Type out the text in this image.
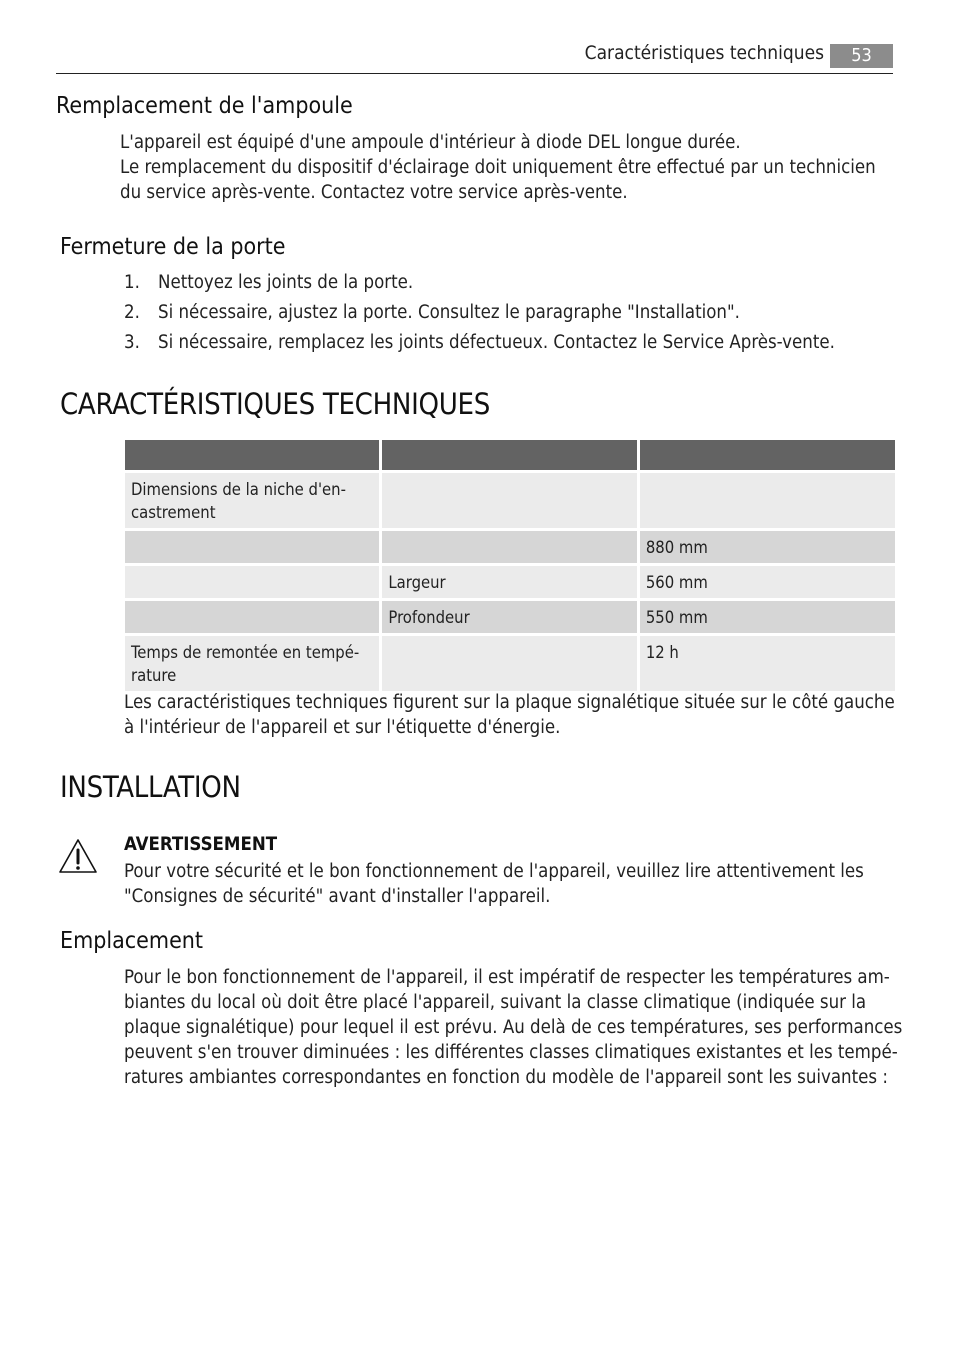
Caractéristiques techniques	53
Remplacement de l'ampoule
L'appareil est équipé d'une ampoule d'intérieur à diode DEL longue durée.
Le remplacement du dispositif d'éclairage doit uniquement être effectué par un technicien
du service après-vente. Contactez votre service après-vente.
Fermeture de la porte
1. Nettoyez les joints de la porte.
2. Si nécessaire, ajustez la porte. Consultez le paragraphe "Installation".
3. Si nécessaire, remplacez les joints défectueux. Contactez le Service Après-vente.
CARACTÉRISTIQUES TECHNIQUES

Dimensions de la niche d'en-castrement		
		880 mm
	Largeur	560 mm
	Profondeur	550 mm
Temps de remontée en tempé-rature		12 h
Les caractéristiques techniques figurent sur la plaque signalétique située sur le côté gauche
à l'intérieur de l'appareil et sur l'étiquette d'énergie.
INSTALLATION
AVERTISSEMENT
Pour votre sécurité et le bon fonctionnement de l'appareil, veuillez lire attentivement les
"Consignes de sécurité" avant d'installer l'appareil.
Emplacement
Pour le bon fonctionnement de l'appareil, il est impératif de respecter les températures am-
biantes du local où doit être placé l'appareil, suivant la classe climatique (indiquée sur la
plaque signalétique) pour lequel il est prévu. Au delà de ces températures, ses performances
peuvent s'en trouver diminuées : les différentes classes climatiques existantes et les tempé-
ratures ambiantes correspondantes en fonction du modèle de l'appareil sont les suivantes :
